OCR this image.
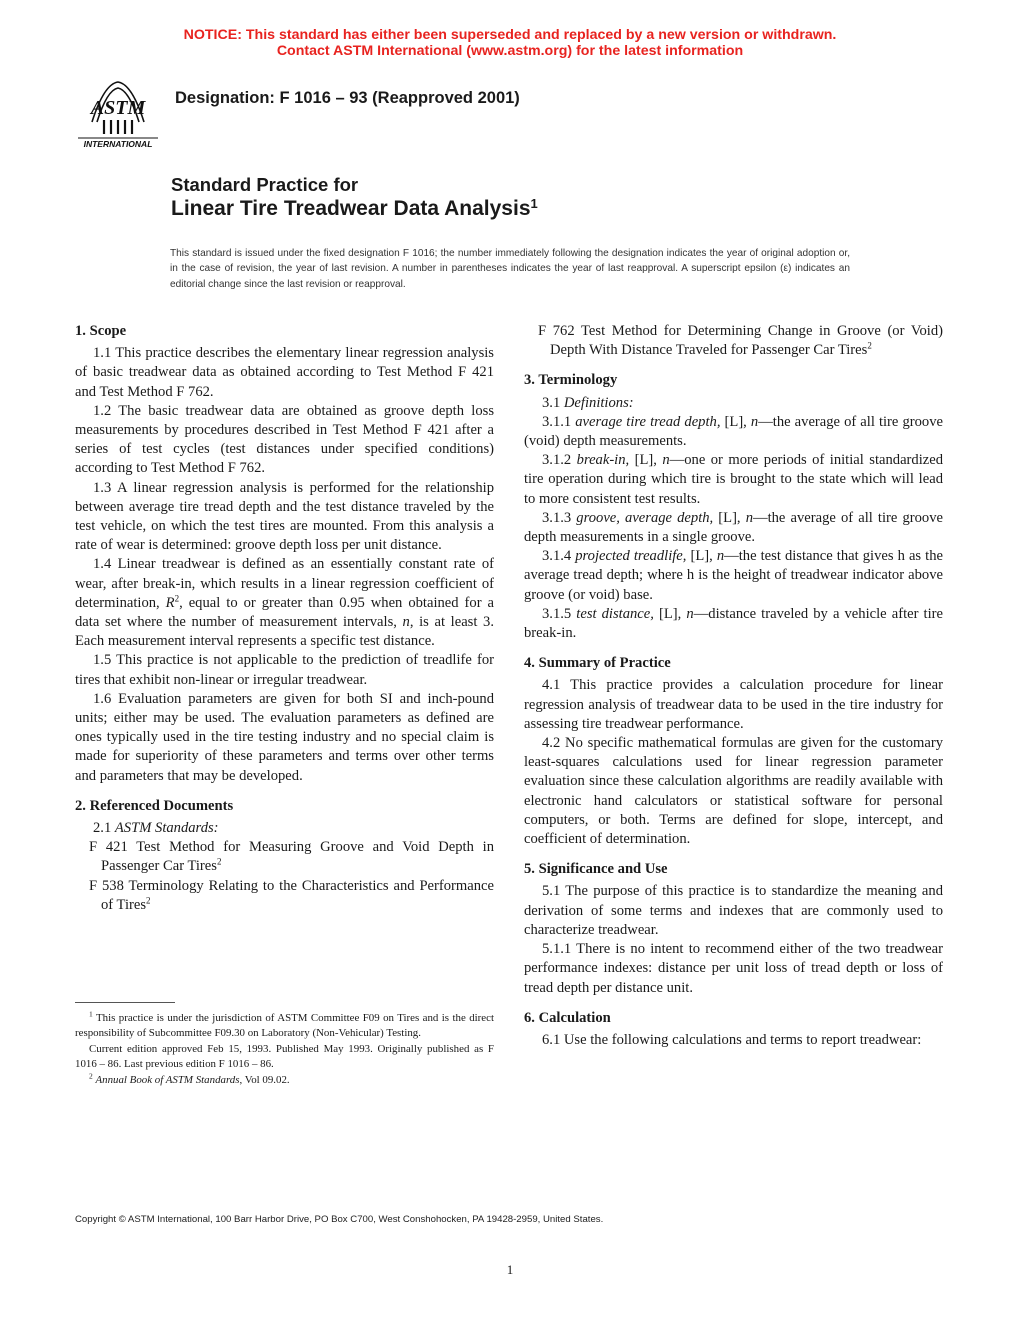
NOTICE: This standard has either been superseded and replaced by a new version or withdrawn.
Contact ASTM International (www.astm.org) for the latest information
ASTM
INTERNATIONAL
Designation: F 1016 – 93 (Reapproved 2001)
Standard Practice for
Linear Tire Treadwear Data Analysis$^1$
This standard is issued under the fixed designation F 1016; the number immediately following the designation indicates the year of original adoption or, in the case of revision, the year of last revision. A number in parentheses indicates the year of last reapproval. A superscript epsilon (ε) indicates an editorial change since the last revision or reapproval.
1. Scope

1.1 This practice describes the elementary linear regression analysis of basic treadwear data as obtained according to Test Method F 421 and Test Method F 762.

1.2 The basic treadwear data are obtained as groove depth loss measurements by procedures described in Test Method F 421 after a series of test cycles (test distances under specified conditions) according to Test Method F 762.

1.3 A linear regression analysis is performed for the relationship between average tire tread depth and the test distance traveled by the test vehicle, on which the test tires are mounted. From this analysis a rate of wear is determined: groove depth loss per unit distance.

1.4 Linear treadwear is defined as an essentially constant rate of wear, after break-in, which results in a linear regression coefficient of determination, $R^2$, equal to or greater than 0.95 when obtained for a data set where the number of measurement intervals, n, is at least 3. Each measurement interval represents a specific test distance.

1.5 This practice is not applicable to the prediction of treadlife for tires that exhibit non-linear or irregular treadwear.

1.6 Evaluation parameters are given for both SI and inch-pound units; either may be used. The evaluation parameters as defined are ones typically used in the tire testing industry and no special claim is made for superiority of these parameters and terms over other terms and parameters that may be developed.

2. Referenced Documents

2.1 ASTM Standards:

F 421 Test Method for Measuring Groove and Void Depth in Passenger Car Tires$^2$

F 538 Terminology Relating to the Characteristics and Performance of Tires$^2$

$^1$ This practice is under the jurisdiction of ASTM Committee F09 on Tires and is the direct responsibility of Subcommittee F09.30 on Laboratory (Non-Vehicular) Testing.

Current edition approved Feb 15, 1993. Published May 1993. Originally published as F 1016 – 86. Last previous edition F 1016 – 86.

$^2$ Annual Book of ASTM Standards, Vol 09.02.

F 762 Test Method for Determining Change in Groove (or Void) Depth With Distance Traveled for Passenger Car Tires$^2$

3. Terminology

3.1 Definitions:

3.1.1 average tire tread depth, [L], n—the average of all tire groove (void) depth measurements.

3.1.2 break-in, [L], n—one or more periods of initial standardized tire operation during which tire is brought to the state which will lead to more consistent test results.

3.1.3 groove, average depth, [L], n—the average of all tire groove depth measurements in a single groove.

3.1.4 projected treadlife, [L], n—the test distance that gives h as the average tread depth; where h is the height of treadwear indicator above groove (or void) base.

3.1.5 test distance, [L], n—distance traveled by a vehicle after tire break-in.

4. Summary of Practice

4.1 This practice provides a calculation procedure for linear regression analysis of treadwear data to be used in the tire industry for assessing tire treadwear performance.

4.2 No specific mathematical formulas are given for the customary least-squares calculations used for linear regression parameter evaluation since these calculation algorithms are readily available with electronic hand calculators or statistical software for personal computers, or both. Terms are defined for slope, intercept, and coefficient of determination.

5. Significance and Use

5.1 The purpose of this practice is to standardize the meaning and derivation of some terms and indexes that are commonly used to characterize treadwear.

5.1.1 There is no intent to recommend either of the two treadwear performance indexes: distance per unit loss of tread depth or loss of tread depth per distance unit.

6. Calculation

6.1 Use the following calculations and terms to report treadwear:

Copyright © ASTM International, 100 Barr Harbor Drive, PO Box C700, West Conshohocken, PA 19428-2959, United States.
1
